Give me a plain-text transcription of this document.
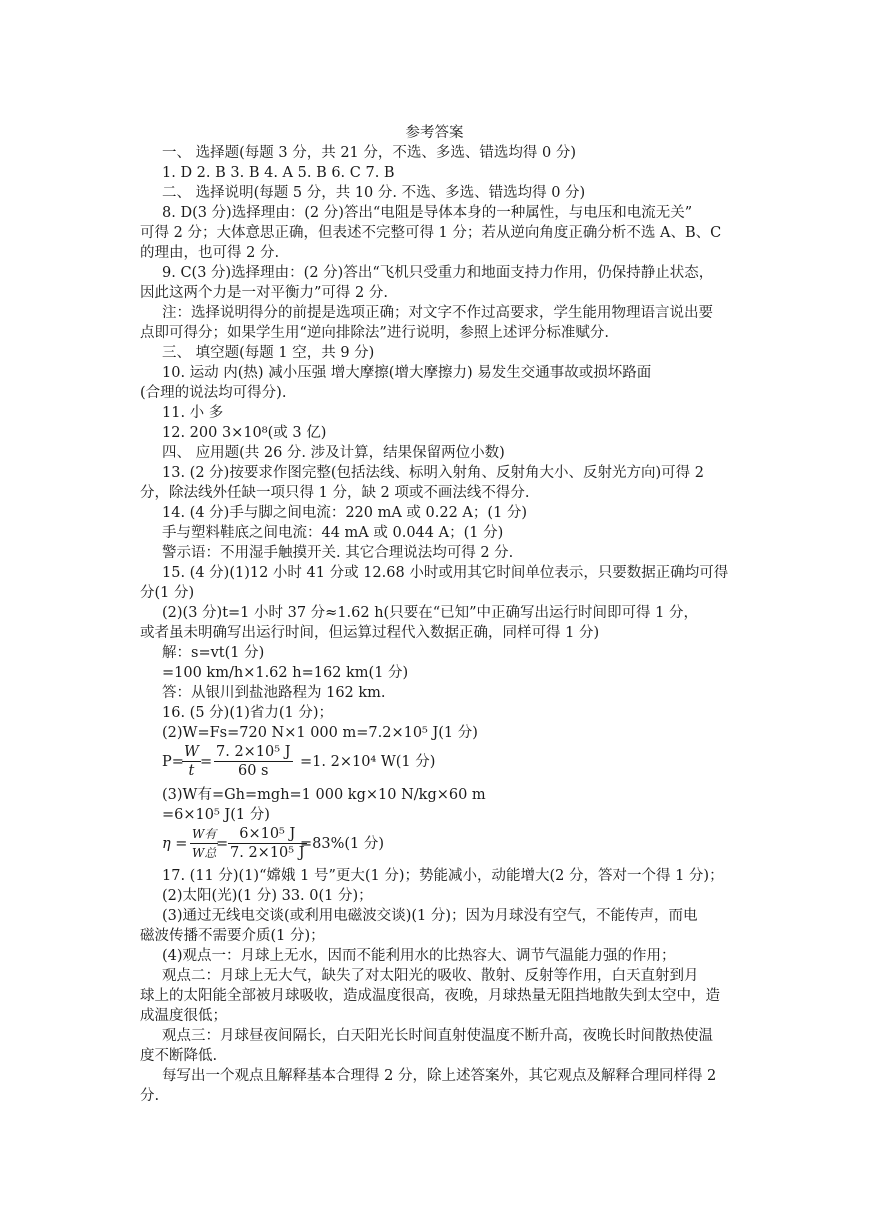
参考答案
一、 选择题(每题 3 分，共 21 分，不选、多选、错选均得 0 分)
1. D 2. B 3. B 4. A 5. B 6. C 7. B
二、 选择说明(每题 5 分，共 10 分. 不选、多选、错选均得 0 分)
8. D(3 分)选择理由：(2 分)答出“电阻是导体本身的一种属性，与电压和电流无关”
可得 2 分；大体意思正确，但表述不完整可得 1 分；若从逆向角度正确分析不选 A、B、C
的理由，也可得 2 分.
9. C(3 分)选择理由：(2 分)答出“飞机只受重力和地面支持力作用，仍保持静止状态，
因此这两个力是一对平衡力”可得 2 分.
注：选择说明得分的前提是选项正确；对文字不作过高要求，学生能用物理语言说出要
点即可得分；如果学生用“逆向排除法”进行说明，参照上述评分标准赋分.
三、 填空题(每题 1 空，共 9 分)
10. 运动 内(热) 减小压强 增大摩擦(增大摩擦力) 易发生交通事故或损坏路面
(合理的说法均可得分).
11. 小 多
12. 200 3×10⁸(或 3 亿)
四、 应用题(共 26 分. 涉及计算，结果保留两位小数)
13. (2 分)按要求作图完整(包括法线、标明入射角、反射角大小、反射光方向)可得 2
分，除法线外任缺一项只得 1 分，缺 2 项或不画法线不得分.
14. (4 分)手与脚之间电流：220 mA 或 0.22 A；(1 分)
手与塑料鞋底之间电流：44 mA 或 0.044 A；(1 分)
警示语：不用湿手触摸开关. 其它合理说法均可得 2 分.
15. (4 分)(1)12 小时 41 分或 12.68 小时或用其它时间单位表示，只要数据正确均可得
分(1 分)
(2)(3 分)t=1 小时 37 分≈1.62 h(只要在“已知”中正确写出运行时间即可得 1 分，
或者虽未明确写出运行时间，但运算过程代入数据正确，同样可得 1 分)
解：s=vt(1 分)
=100 km/h×1.62 h=162 km(1 分)
答：从银川到盐池路程为 162 km.
16. (5 分)(1)省力(1 分)；
(2)W=Fs=720 N×1 000 m=7.2×10⁵ J(1 分)
P=
$\frac{W}{t} = \frac{\text{7. 2×10⁵ J}}{60 s} =1$. 2×10⁴ W(1 分)
(3)W有=Gh=mgh=1 000 kg×10 N/kg×60 m
=6×10⁵ J(1 分)
η =
W有
W总
= $\frac{\text{6×10⁵ J}}{\text{7. 2×10⁵ J}}$
=83%(1 分)
17. (11 分)(1)“嫦娥 1 号”更大(1 分)；势能减小，动能增大(2 分，答对一个得 1 分)；
(2)太阳(光)(1 分) 33. 0(1 分)；
(3)通过无线电交谈(或利用电磁波交谈)(1 分)；因为月球没有空气，不能传声，而电
磁波传播不需要介质(1 分)；
(4)观点一：月球上无水，因而不能利用水的比热容大、调节气温能力强的作用；
观点二：月球上无大气，缺失了对太阳光的吸收、散射、反射等作用，白天直射到月
球上的太阳能全部被月球吸收，造成温度很高，夜晚，月球热量无阻挡地散失到太空中，造
成温度很低；
观点三：月球昼夜间隔长，白天阳光长时间直射使温度不断升高，夜晚长时间散热使温
度不断降低.
每写出一个观点且解释基本合理得 2 分，除上述答案外，其它观点及解释合理同样得 2
分.
